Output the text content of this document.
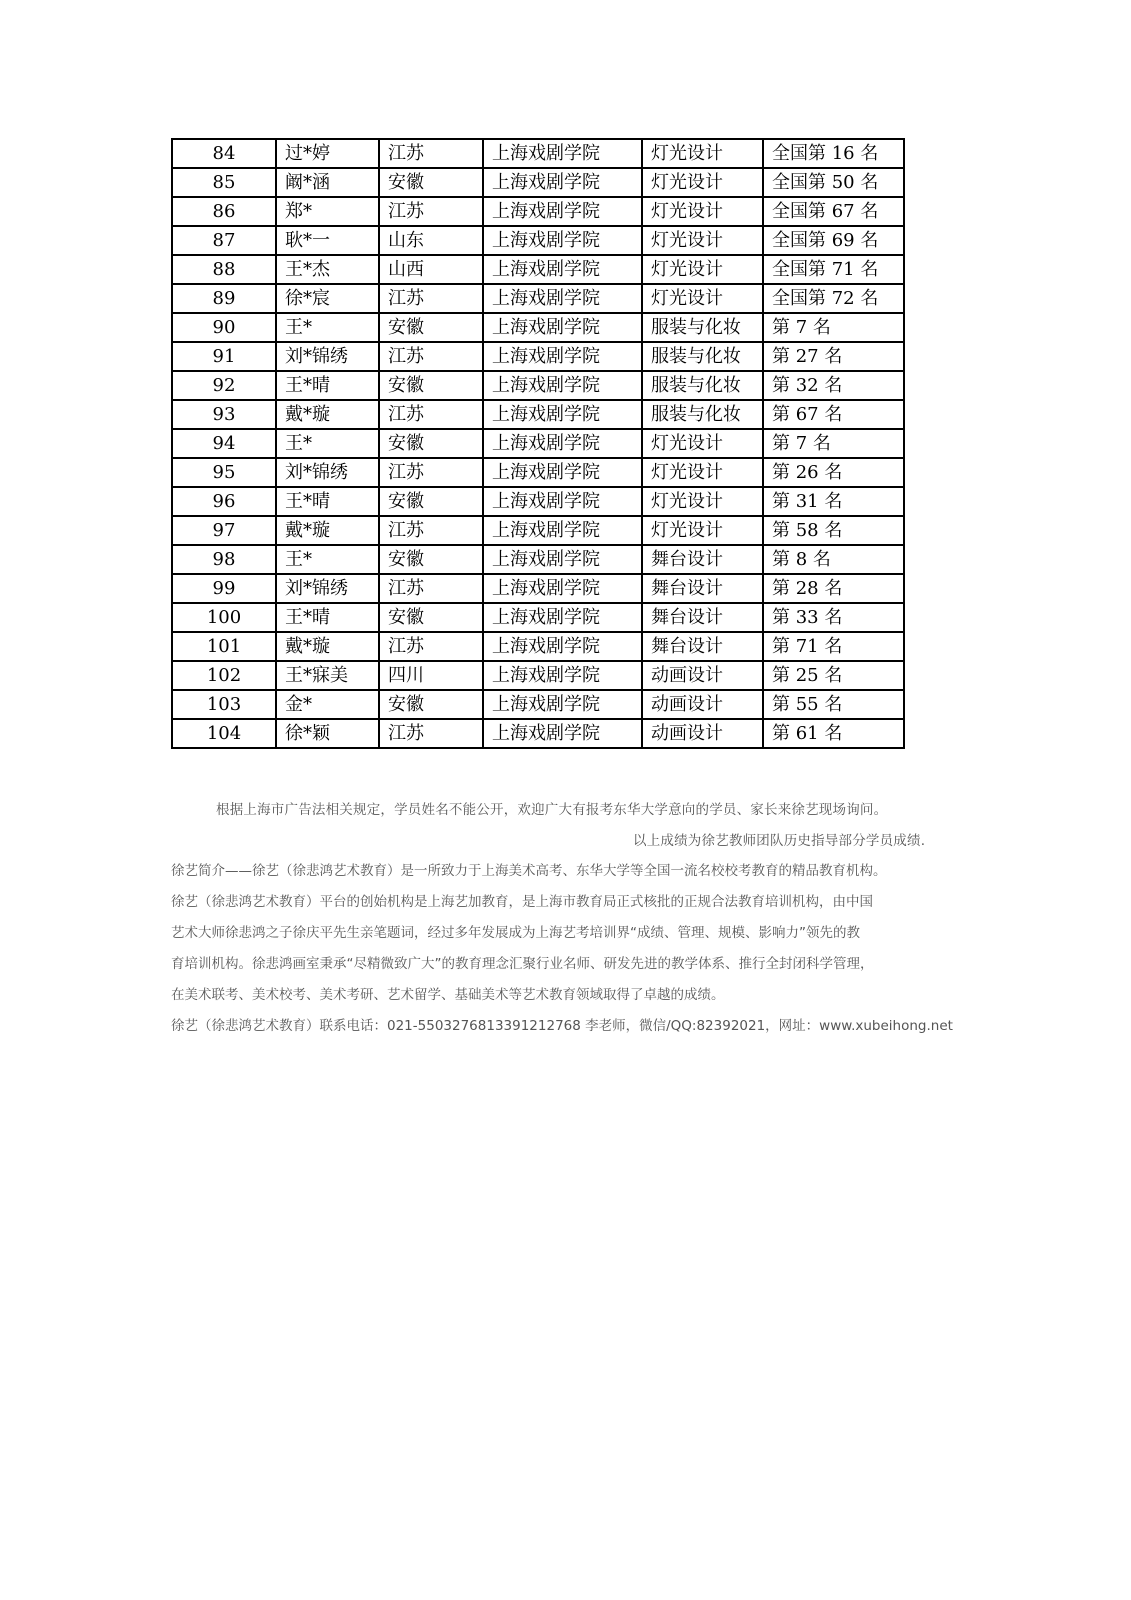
84	过*婷	江苏	上海戏剧学院	灯光设计	全国第 16 名
85	阚*涵	安徽	上海戏剧学院	灯光设计	全国第 50 名
86	郑*	江苏	上海戏剧学院	灯光设计	全国第 67 名
87	耿*一	山东	上海戏剧学院	灯光设计	全国第 69 名
88	王*杰	山西	上海戏剧学院	灯光设计	全国第 71 名
89	徐*宸	江苏	上海戏剧学院	灯光设计	全国第 72 名
90	王*	安徽	上海戏剧学院	服装与化妆	第 7 名
91	刘*锦绣	江苏	上海戏剧学院	服装与化妆	第 27 名
92	王*晴	安徽	上海戏剧学院	服装与化妆	第 32 名
93	戴*璇	江苏	上海戏剧学院	服装与化妆	第 67 名
94	王*	安徽	上海戏剧学院	灯光设计	第 7 名
95	刘*锦绣	江苏	上海戏剧学院	灯光设计	第 26 名
96	王*晴	安徽	上海戏剧学院	灯光设计	第 31 名
97	戴*璇	江苏	上海戏剧学院	灯光设计	第 58 名
98	王*	安徽	上海戏剧学院	舞台设计	第 8 名
99	刘*锦绣	江苏	上海戏剧学院	舞台设计	第 28 名
100	王*晴	安徽	上海戏剧学院	舞台设计	第 33 名
101	戴*璇	江苏	上海戏剧学院	舞台设计	第 71 名
102	王*寐美	四川	上海戏剧学院	动画设计	第 25 名
103	金*	安徽	上海戏剧学院	动画设计	第 55 名
104	徐*颖	江苏	上海戏剧学院	动画设计	第 61 名
根据上海市广告法相关规定，学员姓名不能公开，欢迎广大有报考东华大学意向的学员、家长来徐艺现场询问。
以上成绩为徐艺教师团队历史指导部分学员成绩.

徐艺简介——徐艺（徐悲鸿艺术教育）是一所致力于上海美术高考、东华大学等全国一流名校校考教育的精品教育机构。

徐艺（徐悲鸿艺术教育）平台的创始机构是上海艺加教育，是上海市教育局正式核批的正规合法教育培训机构，由中国

艺术大师徐悲鸿之子徐庆平先生亲笔题词，经过多年发展成为上海艺考培训界“成绩、管理、规模、影响力”领先的教

育培训机构。徐悲鸿画室秉承“尽精微致广大”的教育理念汇聚行业名师、研发先进的教学体系、推行全封闭科学管理，

在美术联考、美术校考、美术考研、艺术留学、基础美术等艺术教育领域取得了卓越的成绩。

徐艺（徐悲鸿艺术教育）联系电话：021-5503276813391212768 李老师，微信/QQ:82392021，网址：www.xubeihong.net
